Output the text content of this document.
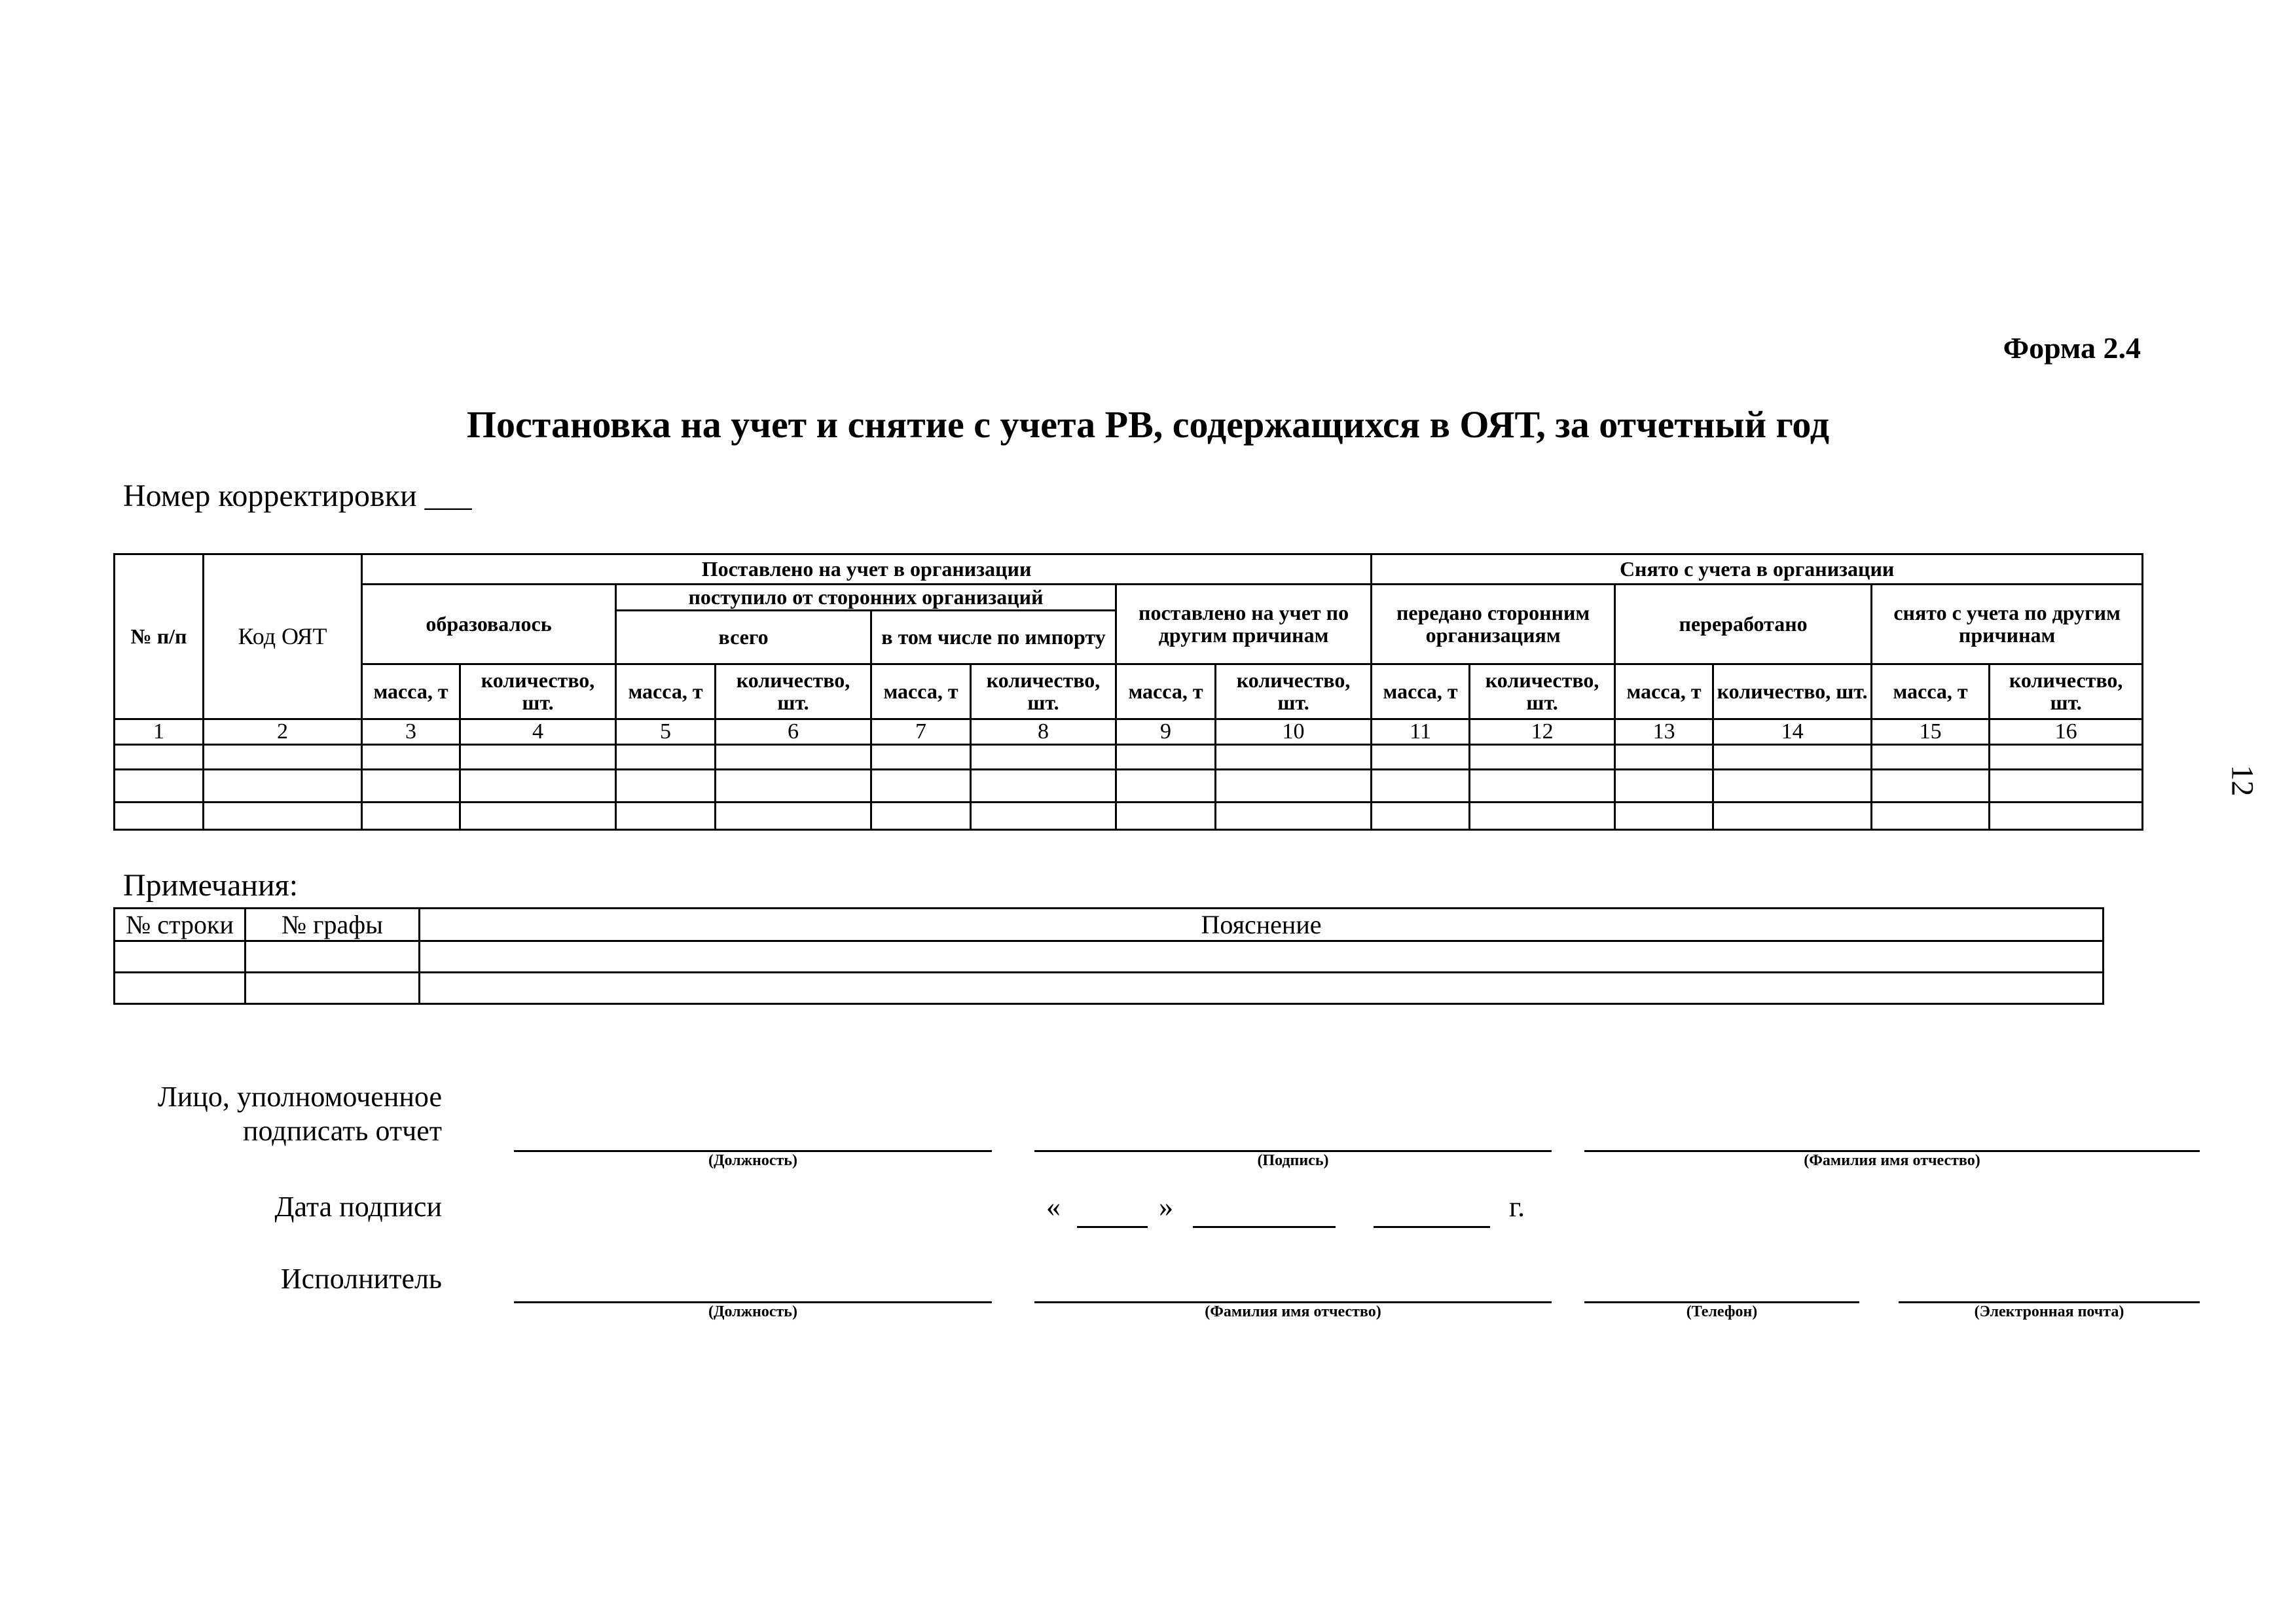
Форма 2.4
Постановка на учет и снятие с учета РВ, содержащихся в ОЯТ, за отчетный год
Номер корректировки ___
12
№ п/п	Код ОЯТ	Поставлено на учет в организации								Снято с учета в организации					
		образовалось		поступило от сторонних организаций				поставлено на учет по другим причинам		передано сторонним организациям		переработано		снято с учета по другим причинам	
				всего		в том числе по импорту									
		масса, т	количество, шт.	масса, т	количество, шт.	масса, т	количество, шт.	масса, т	количество, шт.	масса, т	количество, шт.	масса, т	количество, шт.	масса, т	количество, шт.
1	2	3	4	5	6	7	8	9	10	11	12	13	14	15	16

Примечания:
№ строки	№ графы	Пояснение

Лицо, уполномоченное подписать отчет
(Должность)	(Подпись)	(Фамилия имя отчество)
Дата подписи	«	»	г.
Исполнитель
(Должность)	(Фамилия имя отчество)	(Телефон)	(Электронная почта)
